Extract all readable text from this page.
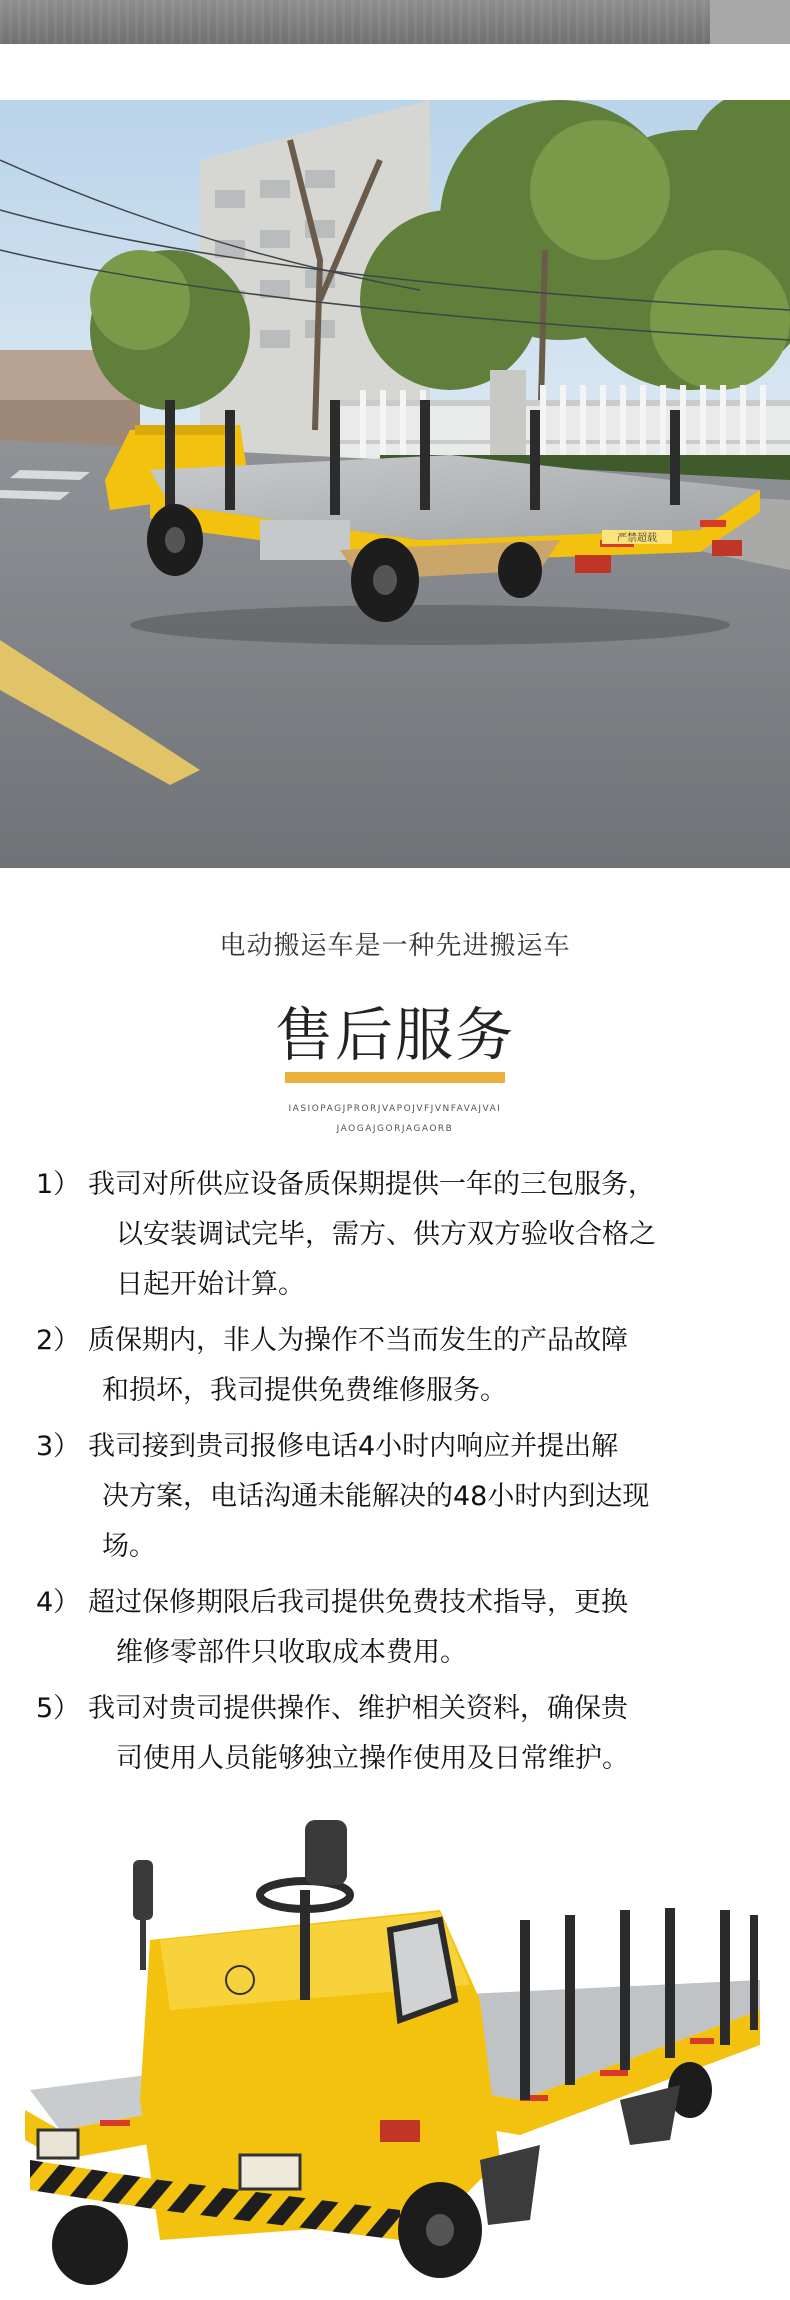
严禁超载
电动搬运车是一种先进搬运车
售后服务
IASIOPAGJPRORJVAPOJVFJVNFAVAJVAI
JAOGAJGORJAGAORB
1） 我司对所供应设备质保期提供一年的三包服务，
以安装调试完毕，需方、供方双方验收合格之
日起开始计算。
2） 质保期内，非人为操作不当而发生的产品故障
和损坏，我司提供免费维修服务。
3） 我司接到贵司报修电话4小时内响应并提出解
决方案，电话沟通未能解决的48小时内到达现
场。
4） 超过保修期限后我司提供免费技术指导，更换
维修零部件只收取成本费用。
5） 我司对贵司提供操作、维护相关资料，确保贵
司使用人员能够独立操作使用及日常维护。
